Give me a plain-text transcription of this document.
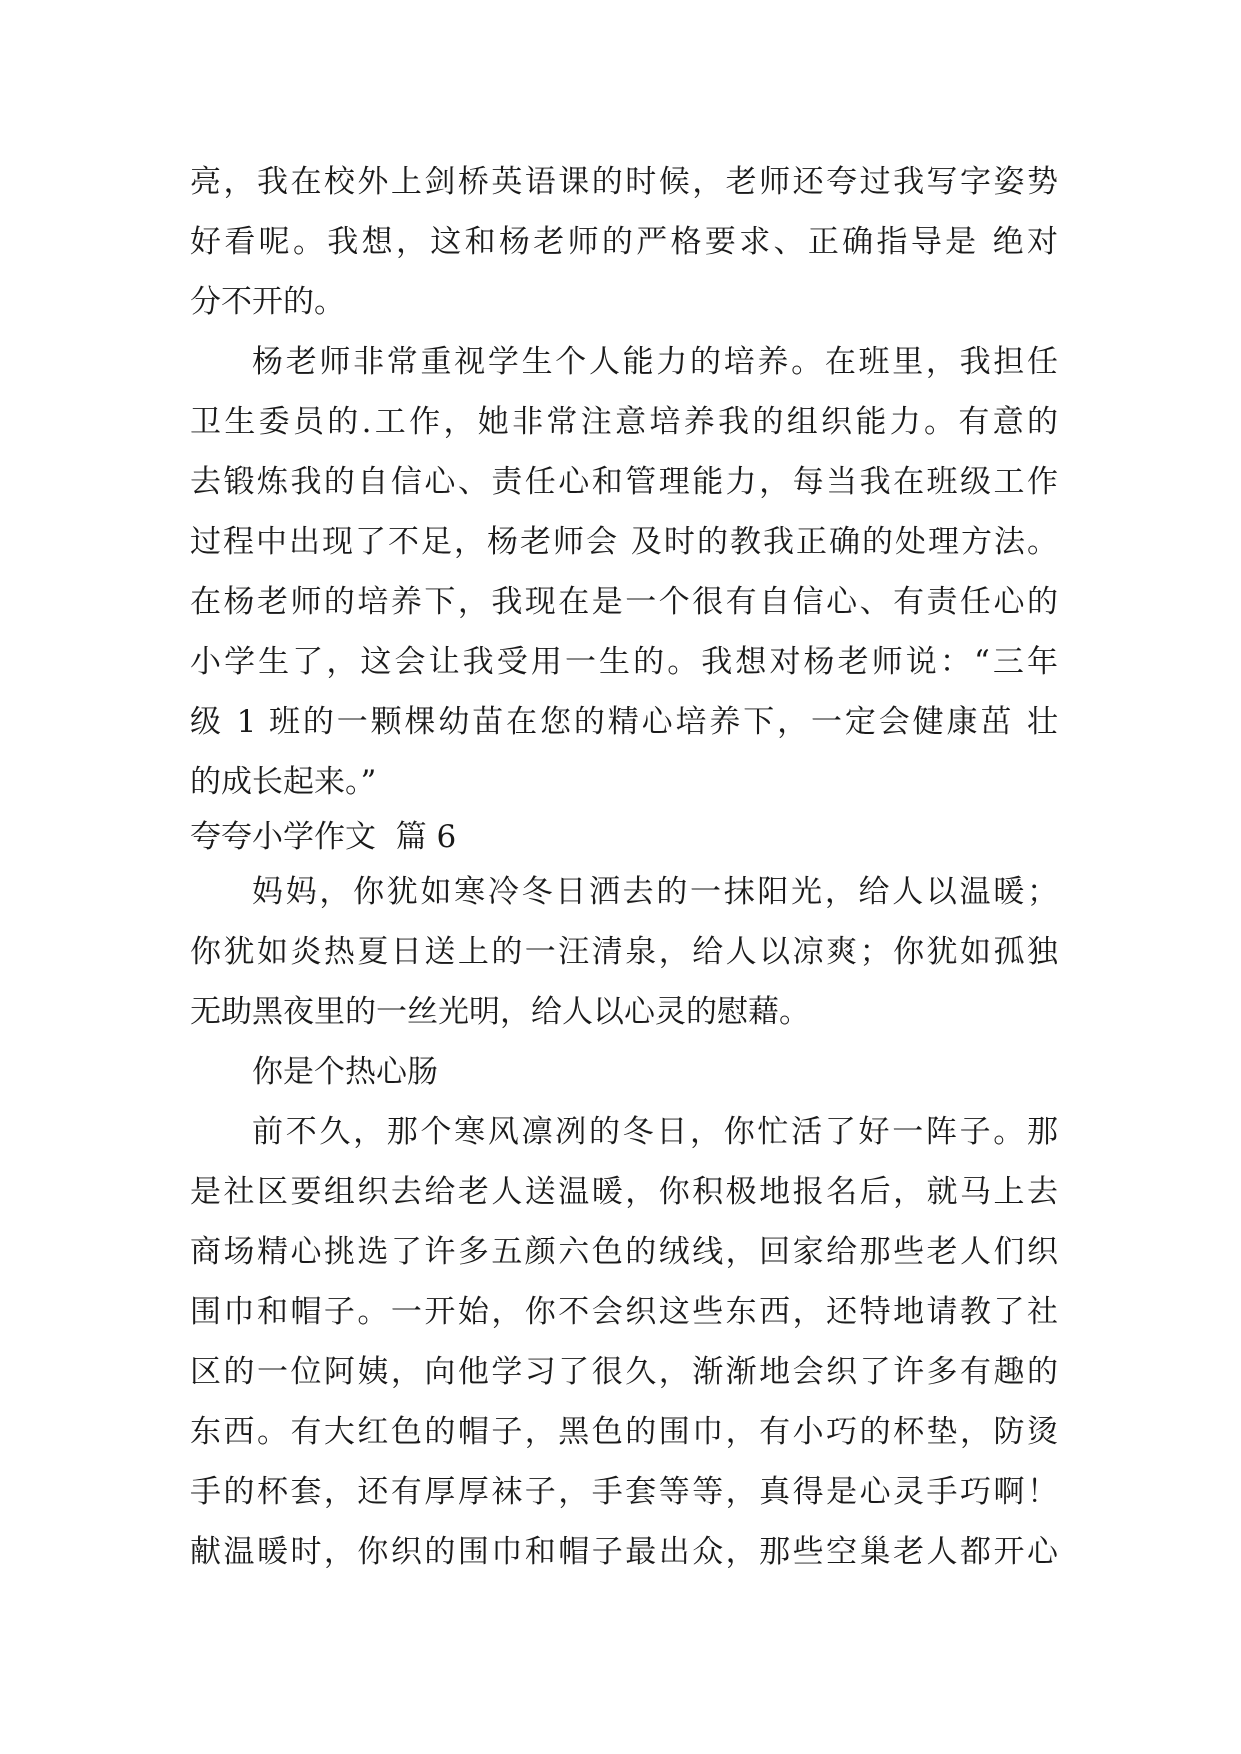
亮，我在校外上剑桥英语课的时候，老师还夸过我写字姿势
好看呢。我想，这和杨老师的严格要求、正确指导是 绝对
分不开的。
杨老师非常重视学生个人能力的培养。在班里，我担任
卫生委员的.工作，她非常注意培养我的组织能力。有意的
去锻炼我的自信心、责任心和管理能力，每当我在班级工作
过程中出现了不足，杨老师会 及时的教我正确的处理方法。
在杨老师的培养下，我现在是一个很有自信心、有责任心的
小学生了，这会让我受用一生的。我想对杨老师说：“三年
级 1 班的一颗棵幼苗在您的精心培养下，一定会健康茁 壮
的成长起来。”
夸夸小学作文  篇 6
妈妈，你犹如寒冷冬日洒去的一抹阳光，给人以温暖；
你犹如炎热夏日送上的一汪清泉，给人以凉爽；你犹如孤独
无助黑夜里的一丝光明，给人以心灵的慰藉。
你是个热心肠
前不久，那个寒风凛冽的冬日，你忙活了好一阵子。那
是社区要组织去给老人送温暖，你积极地报名后，就马上去
商场精心挑选了许多五颜六色的绒线，回家给那些老人们织
围巾和帽子。一开始，你不会织这些东西，还特地请教了社
区的一位阿姨，向他学习了很久，渐渐地会织了许多有趣的
东西。有大红色的帽子，黑色的围巾，有小巧的杯垫，防烫
手的杯套，还有厚厚袜子，手套等等，真得是心灵手巧啊！
献温暖时，你织的围巾和帽子最出众，那些空巢老人都开心
